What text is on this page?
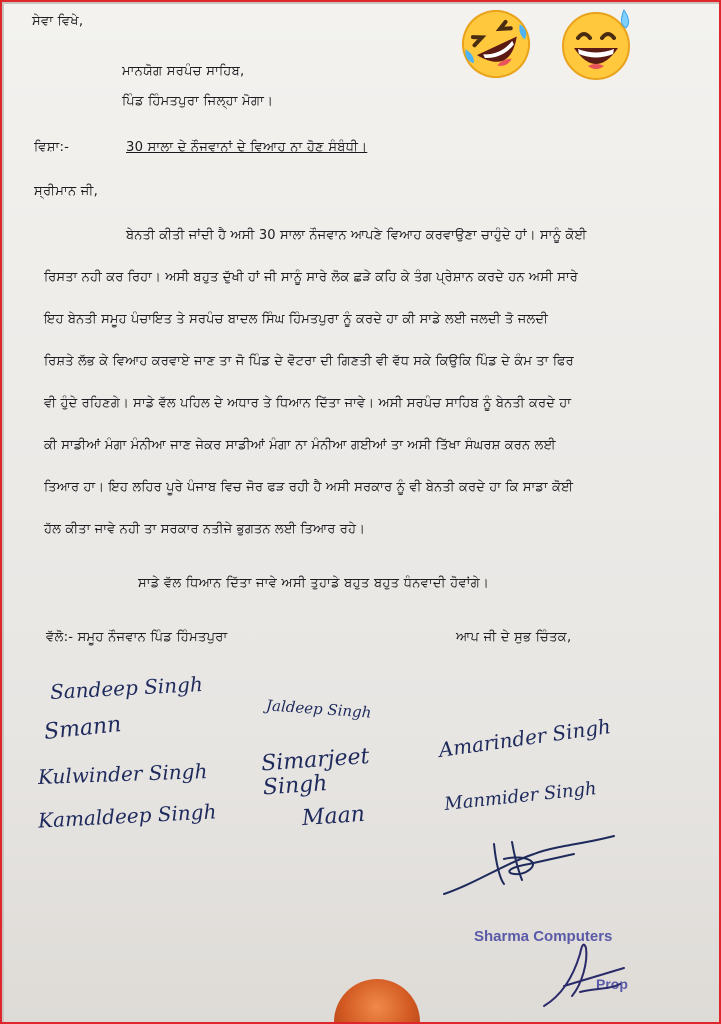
ਸੇਵਾ ਵਿਖੇ,
ਮਾਨਯੋਗ ਸਰਪੰਚ ਸਾਹਿਬ,
ਪਿੰਡ ਹਿੰਮਤਪੁਰਾ ਜਿਲ੍ਹਾ ਮੋਗਾ।
ਵਿਸ਼ਾ:-	30 ਸਾਲਾ ਦੇ ਨੌਜਵਾਨਾਂ ਦੇ ਵਿਆਹ ਨਾ ਹੋਣ ਸੰਬੰਧੀ।
ਸ੍ਰੀਮਾਨ ਜੀ,
ਬੇਨਤੀ ਕੀਤੀ ਜਾਂਦੀ ਹੈ ਅਸੀ 30 ਸਾਲਾ ਨੌਜਵਾਨ ਆਪਣੇ ਵਿਆਹ ਕਰਵਾਉਣਾ ਚਾਹੁੰਦੇ ਹਾਂ। ਸਾਨੂੰ ਕੋਈ
ਰਿਸਤਾ ਨਹੀ ਕਰ ਰਿਹਾ। ਅਸੀ ਬਹੁਤ ਦੁੱਖੀ ਹਾਂ ਜੀ ਸਾਨੂੰ ਸਾਰੇ ਲੋਕ ਛੜੇ ਕਹਿ ਕੇ ਤੰਗ ਪ੍ਰੇਸ਼ਾਨ ਕਰਦੇ ਹਨ ਅਸੀ ਸਾਰੇ
ਇਹ ਬੇਨਤੀ ਸਮੂਹ ਪੰਚਾਇਤ ਤੇ ਸਰਪੰਚ ਬਾਦਲ ਸਿੰਘ ਹਿੰਮਤਪੁਰਾ ਨੂੰ ਕਰਦੇ ਹਾ ਕੀ ਸਾਡੇ ਲਈ ਜਲਦੀ ਤੋ ਜਲਦੀ
ਰਿਸ਼ਤੇ ਲੱਭ ਕੇ ਵਿਆਹ ਕਰਵਾਏ ਜਾਣ ਤਾ ਜੋ ਪਿੰਡ ਦੇ ਵੋਟਰਾ ਦੀ ਗਿਣਤੀ ਵੀ ਵੱਧ ਸਕੇ ਕਿਉਕਿ ਪਿੰਡ ਦੇ ਕੰਮ ਤਾ ਫਿਰ
ਵੀ ਹੁੰਦੇ ਰਹਿਣਗੇ। ਸਾਡੇ ਵੱਲ ਪਹਿਲ ਦੇ ਅਧਾਰ ਤੇ ਧਿਆਨ ਦਿੱਤਾ ਜਾਵੇ। ਅਸੀ ਸਰਪੰਚ ਸਾਹਿਬ ਨੂੰ ਬੇਨਤੀ ਕਰਦੇ ਹਾ
ਕੀ ਸਾਡੀਆਂ ਮੰਗਾ ਮੰਨੀਆ ਜਾਣ ਜੇਕਰ ਸਾਡੀਆਂ ਮੰਗਾ ਨਾ ਮੰਨੀਆ ਗਈਆਂ ਤਾ ਅਸੀ ਤਿੱਖਾ ਸੰਘਰਸ਼ ਕਰਨ ਲਈ
ਤਿਆਰ ਹਾ। ਇਹ ਲਹਿਰ ਪੂਰੇ ਪੰਜਾਬ ਵਿਚ ਜੋਰ ਫੜ ਰਹੀ ਹੈ ਅਸੀ ਸਰਕਾਰ ਨੂੰ ਵੀ ਬੇਨਤੀ ਕਰਦੇ ਹਾ ਕਿ ਸਾਡਾ ਕੋਈ
ਹੱਲ ਕੀਤਾ ਜਾਵੇ ਨਹੀ ਤਾ ਸਰਕਾਰ ਨਤੀਜੇ ਭੁਗਤਨ ਲਈ ਤਿਆਰ ਰਹੇ।
ਸਾਡੇ ਵੱਲ ਧਿਆਨ ਦਿੱਤਾ ਜਾਵੇ ਅਸੀ ਤੁਹਾਡੇ ਬਹੁਤ ਬਹੁਤ ਧੰਨਵਾਦੀ ਹੋਵਾਂਗੇ।
ਵੱਲੋ:- ਸਮੂਹ ਨੌਜਵਾਨ ਪਿੰਡ ਹਿੰਮਤਪੁਰਾ	ਆਪ ਜੀ ਦੇ ਸੁਭ ਚਿੰਤਕ,
Sandeep Singh
Smann
Kulwinder Singh
Kamaldeep Singh
Jaldeep Singh
Simarjeet Singh
Maan
Amarinder Singh
Manmider Singh
Sharma Computers
Prop
